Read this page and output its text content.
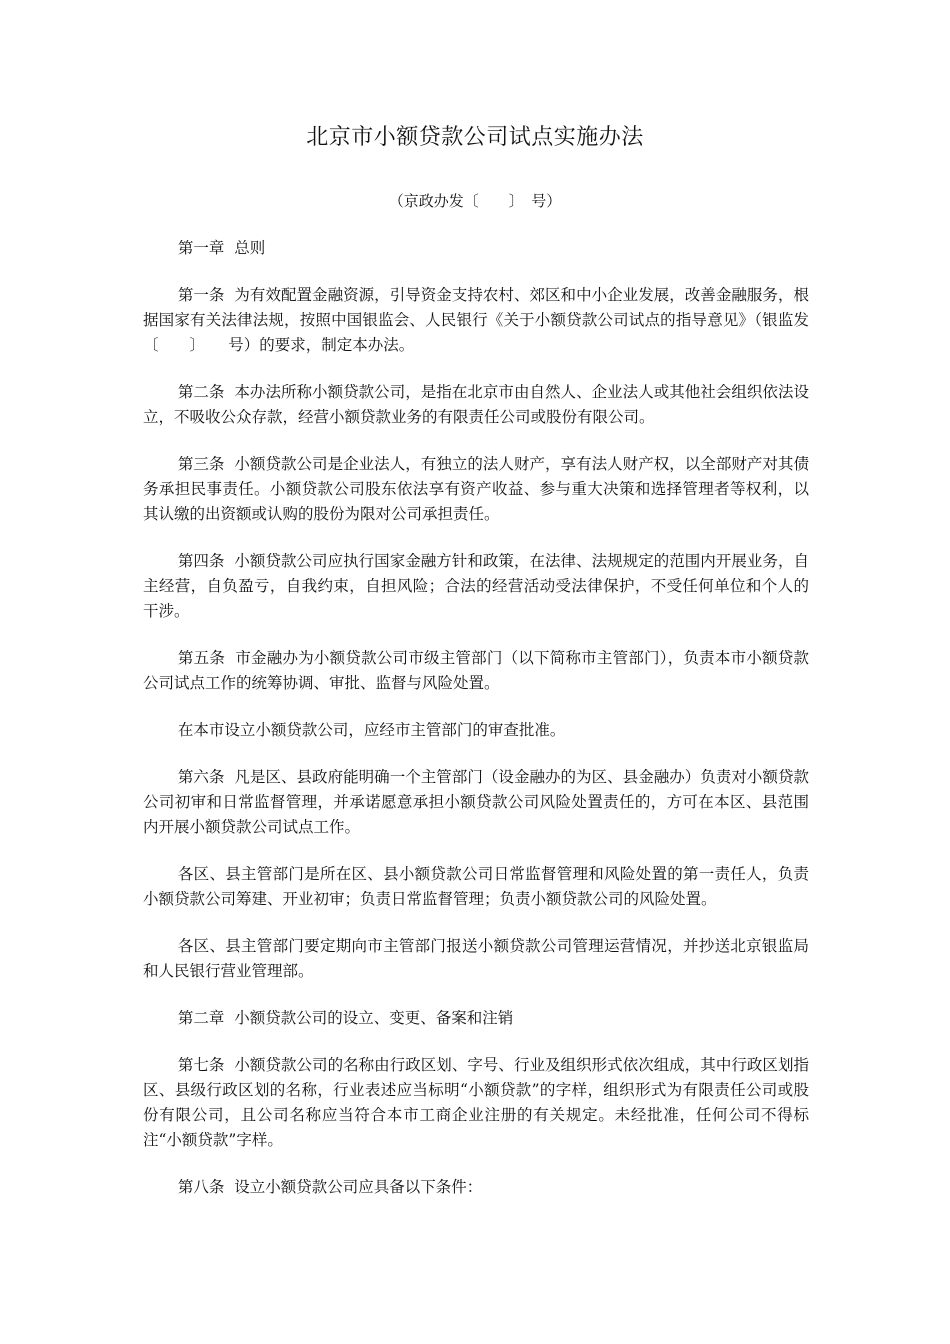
北京市小额贷款公司试点实施办法
（京政办发〔　　〕　号）

第一章  总则

第一条  为有效配置金融资源，引导资金支持农村、郊区和中小企业发展，改善金融服务，根据国家有关法律法规，按照中国银监会、人民银行《关于小额贷款公司试点的指导意见》（银监发〔　　〕　　号）的要求，制定本办法。

第二条  本办法所称小额贷款公司，是指在北京市由自然人、企业法人或其他社会组织依法设立，不吸收公众存款，经营小额贷款业务的有限责任公司或股份有限公司。

第三条  小额贷款公司是企业法人，有独立的法人财产，享有法人财产权，以全部财产对其债务承担民事责任。小额贷款公司股东依法享有资产收益、参与重大决策和选择管理者等权利，以其认缴的出资额或认购的股份为限对公司承担责任。

第四条  小额贷款公司应执行国家金融方针和政策，在法律、法规规定的范围内开展业务，自主经营，自负盈亏，自我约束，自担风险；合法的经营活动受法律保护，不受任何单位和个人的干涉。

第五条  市金融办为小额贷款公司市级主管部门（以下简称市主管部门），负责本市小额贷款公司试点工作的统筹协调、审批、监督与风险处置。

在本市设立小额贷款公司，应经市主管部门的审查批准。

第六条  凡是区、县政府能明确一个主管部门（设金融办的为区、县金融办）负责对小额贷款公司初审和日常监督管理，并承诺愿意承担小额贷款公司风险处置责任的，方可在本区、县范围内开展小额贷款公司试点工作。

各区、县主管部门是所在区、县小额贷款公司日常监督管理和风险处置的第一责任人，负责小额贷款公司筹建、开业初审；负责日常监督管理；负责小额贷款公司的风险处置。

各区、县主管部门要定期向市主管部门报送小额贷款公司管理运营情况，并抄送北京银监局和人民银行营业管理部。

第二章  小额贷款公司的设立、变更、备案和注销

第七条  小额贷款公司的名称由行政区划、字号、行业及组织形式依次组成，其中行政区划指区、县级行政区划的名称，行业表述应当标明“小额贷款”的字样，组织形式为有限责任公司或股份有限公司，且公司名称应当符合本市工商企业注册的有关规定。未经批准，任何公司不得标注“小额贷款”字样。

第八条  设立小额贷款公司应具备以下条件：
